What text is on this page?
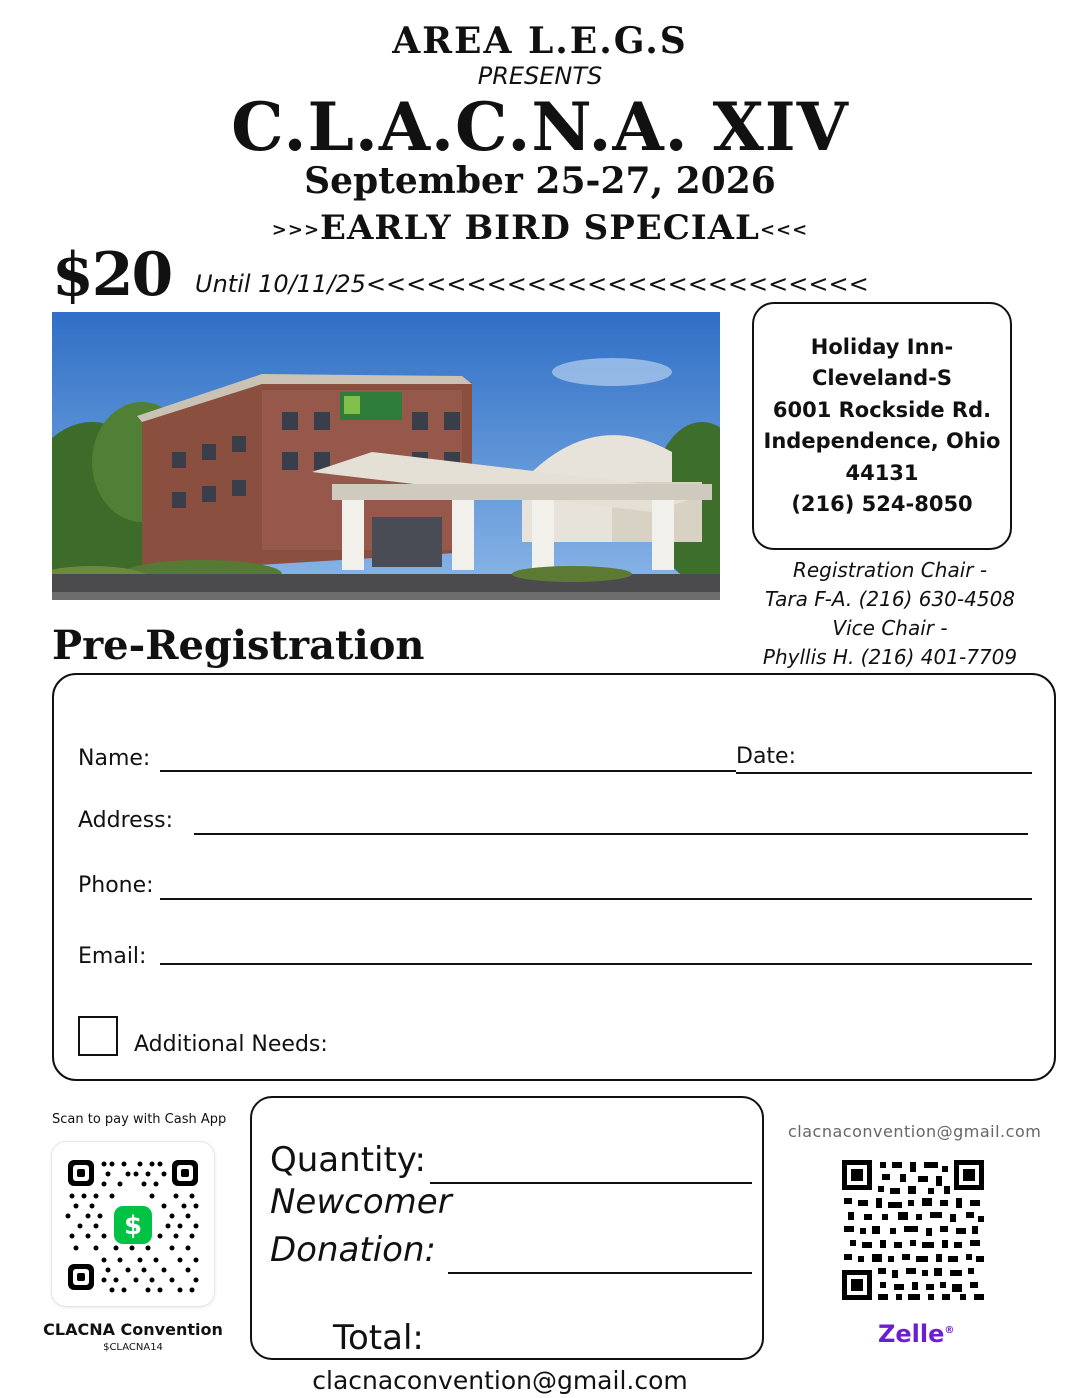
AREA L.E.G.S
PRESENTS
C.L.A.C.N.A. XIV
September 25-27, 2026
>>>EARLY BIRD SPECIAL<<<
$20 Until 10/11/25<<<<<<<<<<<<<<<<<<<<<<<<<
Holiday Inn-
Cleveland-S
6001 Rockside Rd.
Independence, Ohio
44131
(216) 524-8050
Registration Chair -
Tara F-A. (216) 630-4508
Vice Chair -
Phyllis H. (216) 401-7709
Pre-Registration
Name:	Date:
Address:
Phone:
Email:
Additional Needs:
Scan to pay with Cash App
$
CLACNA Convention
$CLACNA14
Quantity:
Newcomer
Donation:
Total:
clacnaconvention@gmail.com
Zelle®
clacnaconvention@gmail.com
